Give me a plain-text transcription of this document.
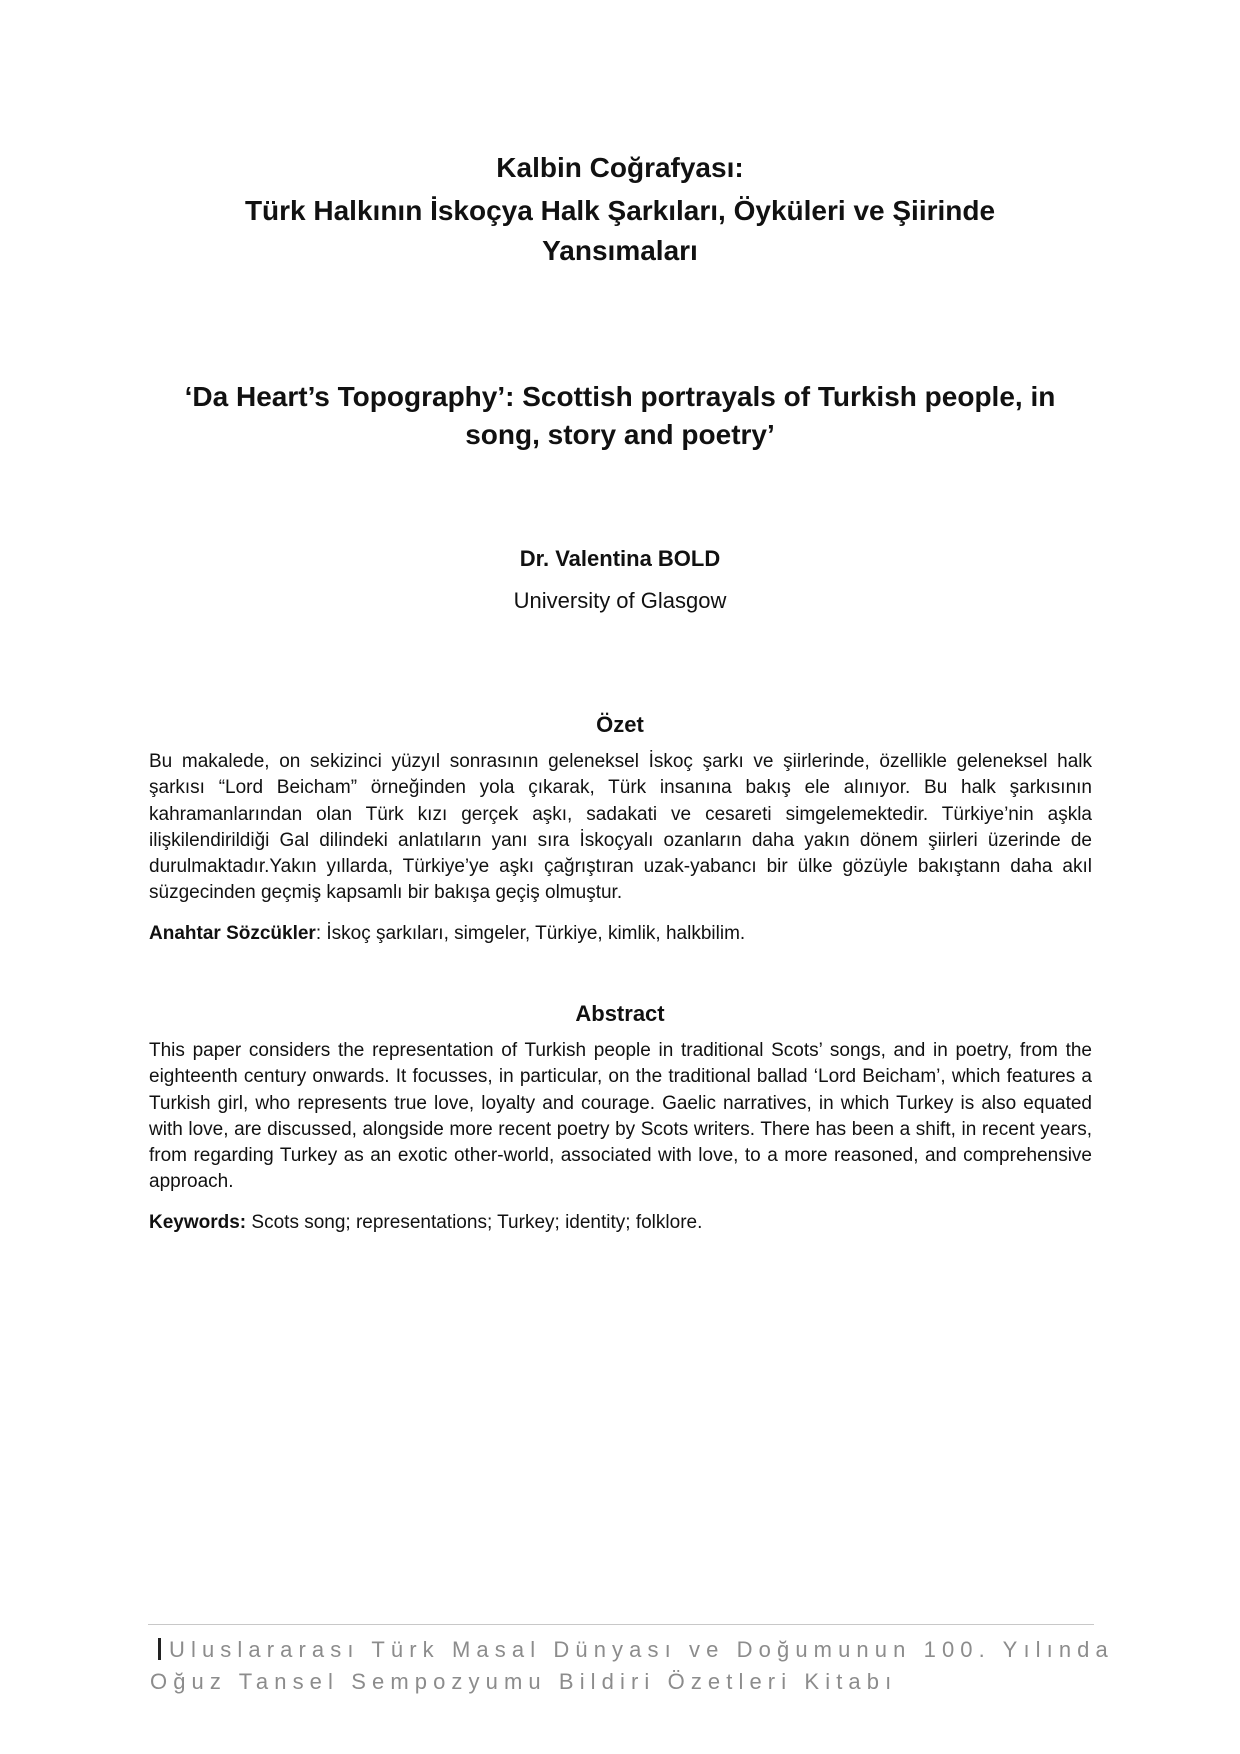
Kalbin Coğrafyası:
Türk Halkının İskoçya Halk Şarkıları, Öyküleri ve Şiirinde
Yansımaları
‘Da Heart’s Topography’: Scottish portrayals of Turkish people, in
song, story and poetry’
Dr. Valentina BOLD
University of Glasgow
Özet

Bu makalede, on sekizinci yüzyıl sonrasının geleneksel İskoç şarkı ve şiirlerinde, özellikle geleneksel halk şarkısı “Lord Beicham” örneğinden yola çıkarak, Türk insanına bakış ele alınıyor. Bu halk şarkısının kahramanlarından olan Türk kızı gerçek aşkı, sadakati ve cesareti simgelemektedir. Türkiye’nin aşkla ilişkilendirildiği Gal dilindeki anlatıların yanı sıra İskoçyalı ozanların daha yakın dönem şiirleri üzerinde de durulmaktadır.Yakın yıllarda, Türkiye’ye aşkı çağrıştıran uzak-yabancı bir ülke gözüyle bakıştann daha akıl süzgecinden geçmiş kapsamlı bir bakışa geçiş olmuştur.

Anahtar Sözcükler: İskoç şarkıları, simgeler, Türkiye, kimlik, halkbilim.
Abstract

This paper considers the representation of Turkish people in traditional Scots’ songs, and in poetry, from the eighteenth century onwards. It focusses, in particular, on the traditional ballad ‘Lord Beicham’, which features a Turkish girl, who represents true love, loyalty and courage. Gaelic narratives, in which Turkey is also equated with love, are discussed, alongside more recent poetry by Scots writers. There has been a shift, in recent years, from regarding Turkey as an exotic other-world, associated with love, to a more reasoned, and comprehensive approach.

Keywords: Scots song; representations; Turkey; identity; folklore.
Uluslararası Türk Masal Dünyası ve Doğumunun 100. Yılında
Oğuz Tansel Sempozyumu Bildiri Özetleri Kitabı
